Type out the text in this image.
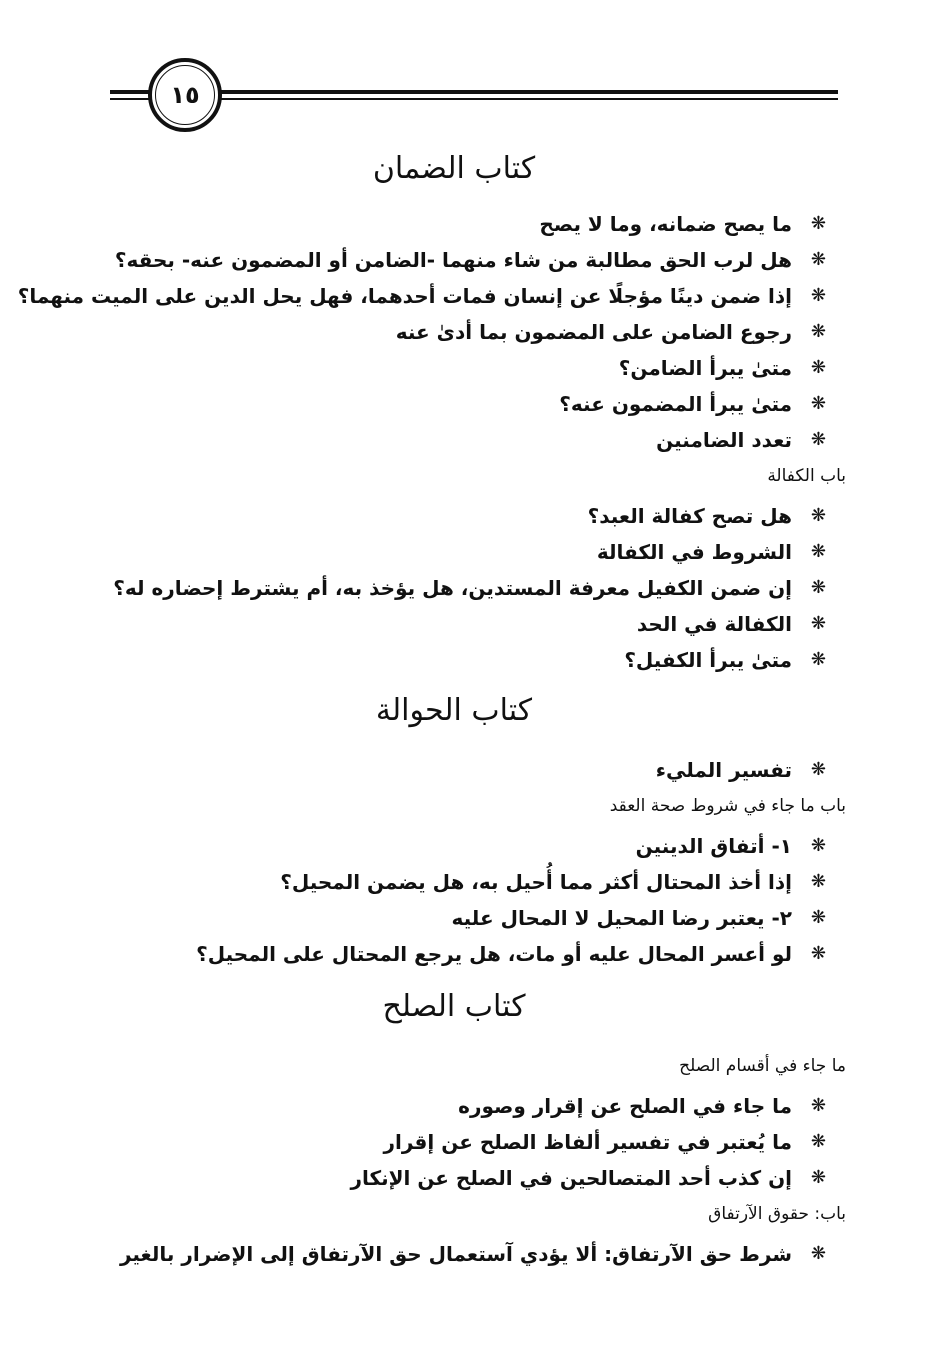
١٥
كتاب الضمان
❋
ما يصح ضمانه، وما لا يصح
❋
هل لرب الحق مطالبة من شاء منهما -الضامن أو المضمون عنه- بحقه؟
❋
إذا ضمن دينًا مؤجلًا عن إنسان فمات أحدهما، فهل يحل الدين على الميت منهما؟
❋
رجوع الضامن على المضمون بما أدىٰ عنه
❋
متىٰ يبرأ الضامن؟
❋
متىٰ يبرأ المضمون عنه؟
❋
تعدد الضامنين
باب الكفالة
❋
هل تصح كفالة العبد؟
❋
الشروط في الكفالة
❋
إن ضمن الكفيل معرفة المستدين، هل يؤخذ به، أم يشترط إحضاره له؟
❋
الكفالة في الحد
❋
متىٰ يبرأ الكفيل؟
كتاب الحوالة
❋
تفسير المليء
باب ما جاء في شروط صحة العقد
❋
١- أتفاق الدينين
❋
إذا أخذ المحتال أكثر مما أُحيل به، هل يضمن المحيل؟
❋
٢- يعتبر رضا المحيل لا المحال عليه
❋
لو أعسر المحال عليه أو مات، هل يرجع المحتال على المحيل؟
كتاب الصلح
ما جاء في أقسام الصلح
❋
ما جاء في الصلح عن إقرار وصوره
❋
ما يُعتبر في تفسير ألفاظ الصلح عن إقرار
❋
إن كذب أحد المتصالحين في الصلح عن الإنكار
باب: حقوق الآرتفاق
❋
شرط حق الآرتفاق: ألا يؤدي آستعمال حق الآرتفاق إلى الإضرار بالغير
